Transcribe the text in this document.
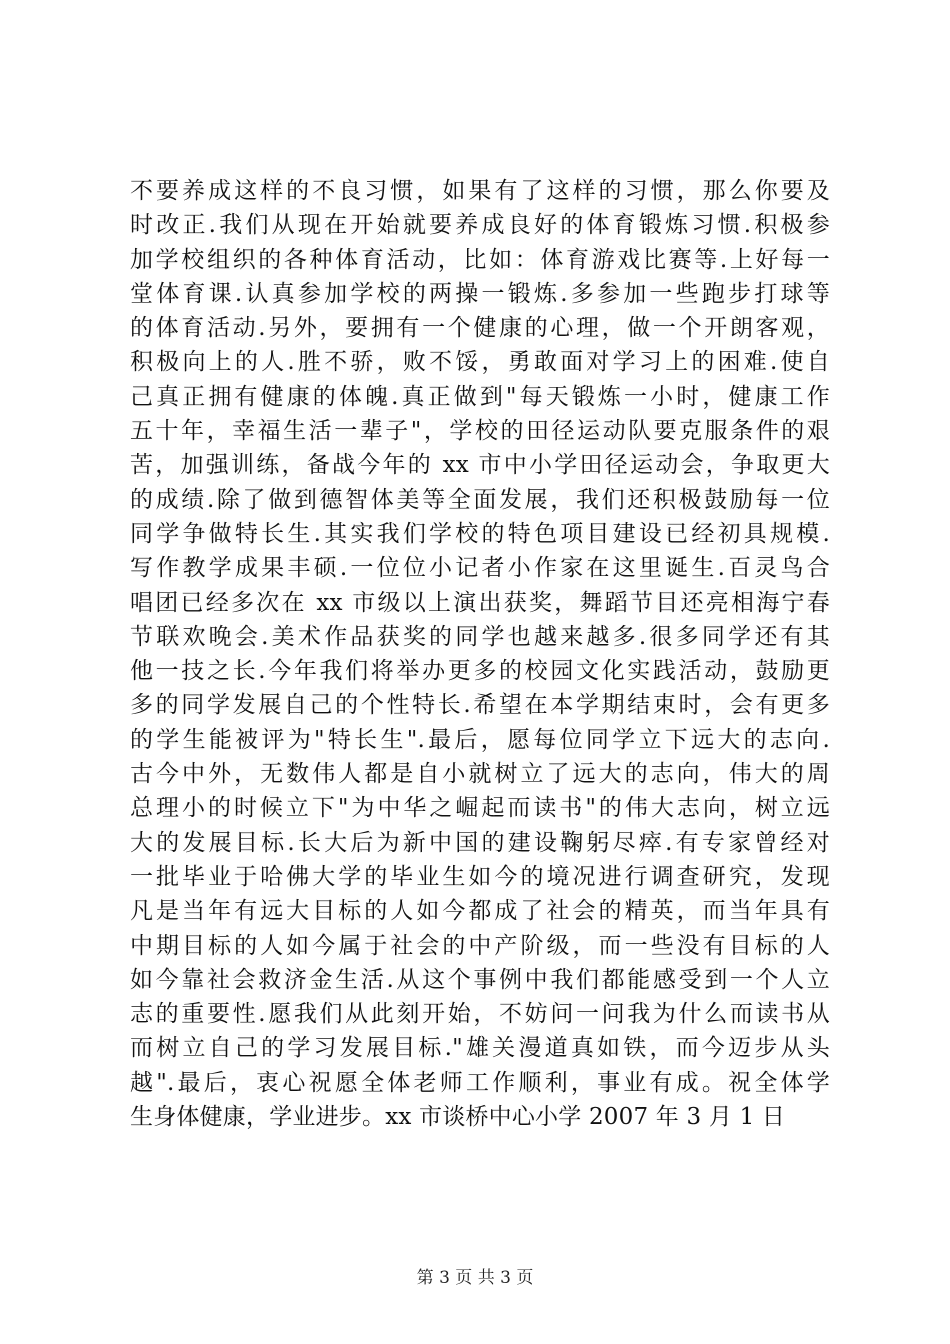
不要养成这样的不良习惯，如果有了这样的习惯，那么你要及
时改正.我们从现在开始就要养成良好的体育锻炼习惯.积极参
加学校组织的各种体育活动，比如：体育游戏比赛等.上好每一
堂体育课.认真参加学校的两操一锻炼.多参加一些跑步打球等
的体育活动.另外，要拥有一个健康的心理，做一个开朗客观，
积极向上的人.胜不骄，败不馁，勇敢面对学习上的困难.使自
己真正拥有健康的体魄.真正做到"每天锻炼一小时，健康工作
五十年，幸福生活一辈子"，学校的田径运动队要克服条件的艰
苦，加强训练，备战今年的 xx 市中小学田径运动会，争取更大
的成绩.除了做到德智体美等全面发展，我们还积极鼓励每一位
同学争做特长生.其实我们学校的特色项目建设已经初具规模.
写作教学成果丰硕.一位位小记者小作家在这里诞生.百灵鸟合
唱团已经多次在 xx 市级以上演出获奖，舞蹈节目还亮相海宁春
节联欢晚会.美术作品获奖的同学也越来越多.很多同学还有其
他一技之长.今年我们将举办更多的校园文化实践活动，鼓励更
多的同学发展自己的个性特长.希望在本学期结束时，会有更多
的学生能被评为"特长生".最后，愿每位同学立下远大的志向.
古今中外，无数伟人都是自小就树立了远大的志向，伟大的周
总理小的时候立下"为中华之崛起而读书"的伟大志向，树立远
大的发展目标.长大后为新中国的建设鞠躬尽瘁.有专家曾经对
一批毕业于哈佛大学的毕业生如今的境况进行调查研究，发现
凡是当年有远大目标的人如今都成了社会的精英，而当年具有
中期目标的人如今属于社会的中产阶级，而一些没有目标的人
如今靠社会救济金生活.从这个事例中我们都能感受到一个人立
志的重要性.愿我们从此刻开始，不妨问一问我为什么而读书从
而树立自己的学习发展目标."雄关漫道真如铁，而今迈步从头
越".最后，衷心祝愿全体老师工作顺利，事业有成。祝全体学
生身体健康，学业进步。xx 市谈桥中心小学 2007 年 3 月 1 日
第 3 页 共 3 页
